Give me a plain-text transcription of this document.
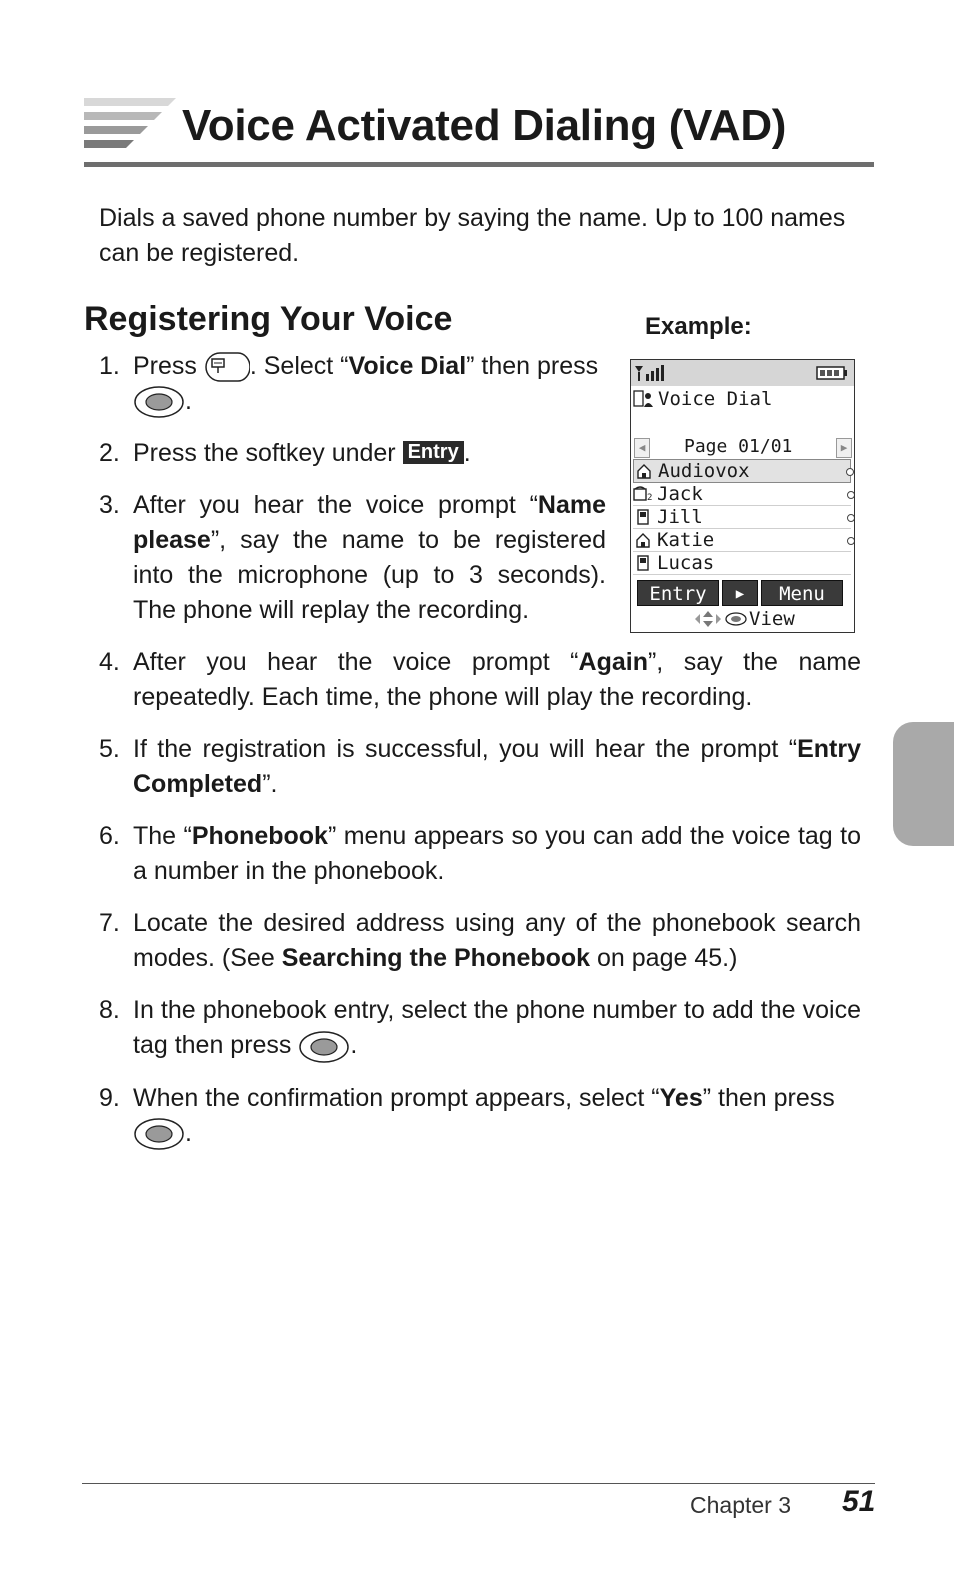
Voice Activated Dialing (VAD)

Dials a saved phone number by saying the name. Up to 100 names can be registered.

Registering Your Voice	Example:
1. Press . Select “Voice Dial” then press
.
2. Press the softkey under Entry .
3. After you hear the voice prompt “Name please”, say the name to be registered into the microphone (up to 3 seconds). The phone will replay the recording.
4. After you hear the voice prompt “Again”, say the name repeatedly. Each time, the phone will play the recording.
5. If the registration is successful, you will hear the prompt “Entry Completed”.
6. The “Phonebook” menu appears so you can add the voice tag to a number in the phonebook.
7. Locate the desired address using any of the phonebook search modes. (See Searching the Phonebook on page 45.)
8. In the phonebook entry, select the phone number to add the voice tag then press .
9. When the confirmation prompt appears, select “Yes” then press
.
Voice Dial
◀ Page 01/01	▶
Audiovox
2 Jack
Jill
Katie
Lucas
Entry	▶	Menu
View
Chapter 3 51
